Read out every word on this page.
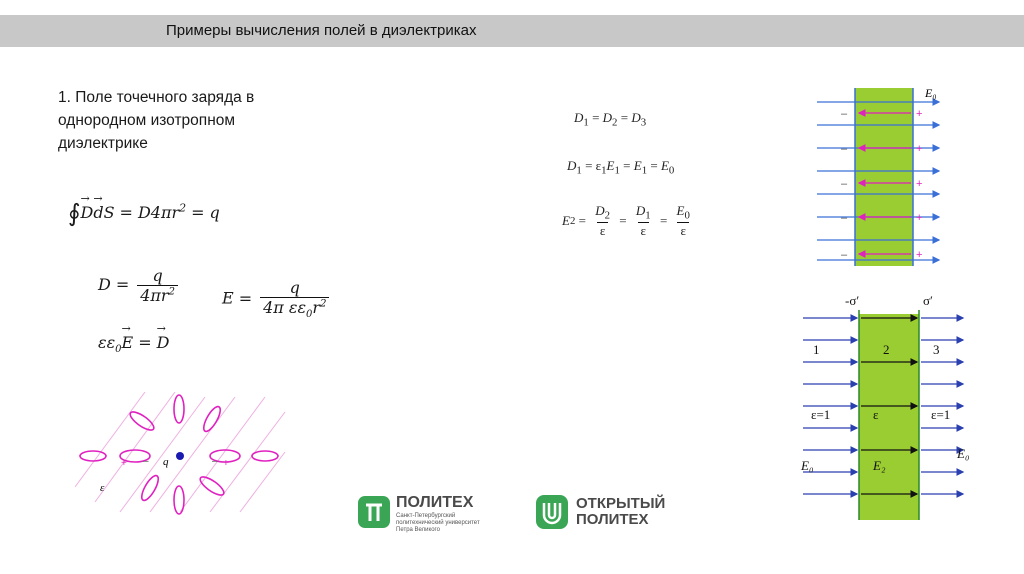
Примеры вычисления полей в диэлектриках
1. Поле точечного заряда в
однородном изотропном
диэлектрике
∮→ D→ dS = $D4\pi r^2 = q$
$D = \frac{q}{4\pi r^2}$	$E = \frac{q}{4\pi \varepsilon\varepsilon_0r^2}$
$\varepsilon\varepsilon_0\to E =\to D$
$D_1 = D_2 = D_3$
$D_1 = \varepsilon_1E_1 = E_1 = E_0$
E $2 = \frac{D_2}{\varepsilon} = \frac{D_1}{\varepsilon} = \frac{E_0}{\varepsilon}$
q
ε
+ –	– +
E₀
–
–
–
–
–
+
+
+
+
+
-σ′	σ′
1	2	3
ε=1	ε	ε=1
E₀	E₂
E₀
ПОЛИТЕХ
Санкт-Петербургский
политехнический университет
Петра Великого
ОТКРЫТЫЙ
ПОЛИТЕХ
